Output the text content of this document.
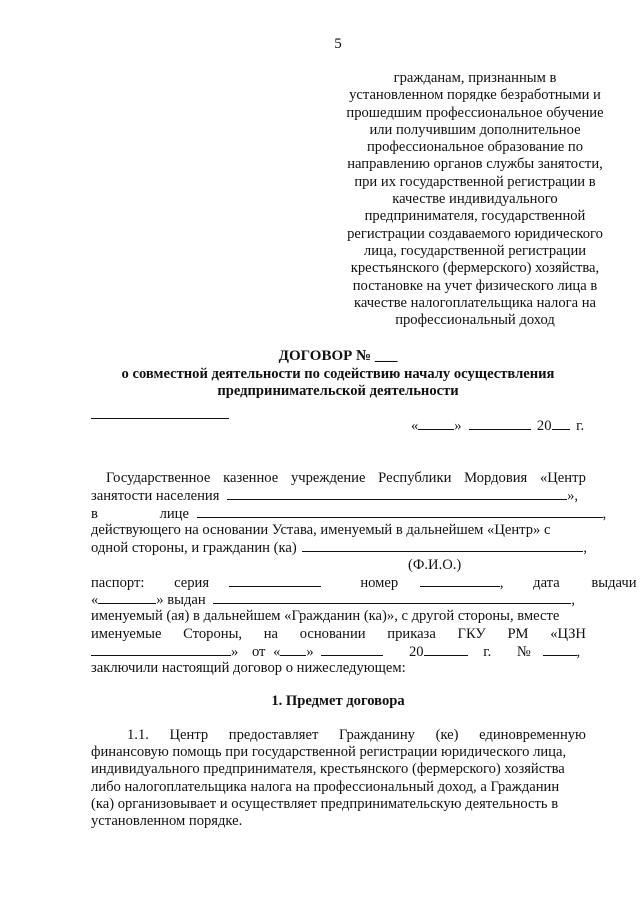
5
гражданам, признанным в
установленном порядке безработными и
прошедшим профессиональное обучение
или получившим дополнительное
профессиональное образование по
направлению органов службы занятости,
при их государственной регистрации в
качестве индивидуального
предпринимателя, государственной
регистрации создаваемого юридического
лица, государственной регистрации
крестьянского (фермерского) хозяйства,
постановке на учет физического лица в
качестве налогоплательщика налога на
профессиональный доход
ДОГОВОР № ___
о совместной деятельности по содействию началу осуществления
предпринимательской деятельности
« »	20 г.
Государственное казенное учреждение Республики Мордовия «Центр
занятости населения	»,
в	лице	,
действующего на основании Устава, именуемый в дальнейшем «Центр» с
одной стороны, и гражданин (ка)	,
(Ф.И.О.)
паспорт: серия	номер	, дата выдачи
«	» выдан	,
именуемый (ая) в дальнейшем «Гражданин (ка)», с другой стороны, вместе
именуемые Стороны, на основании приказа ГКУ РМ «ЦЗН
» от « »	20	г. №	,
заключили настоящий договор о нижеследующем:
1. Предмет договора
1.1. Центр предоставляет Гражданину (ке) единовременную
финансовую помощь при государственной регистрации юридического лица,
индивидуального предпринимателя, крестьянского (фермерского) хозяйства
либо налогоплательщика налога на профессиональный доход, а Гражданин
(ка) организовывает и осуществляет предпринимательскую деятельность в
установленном порядке.
